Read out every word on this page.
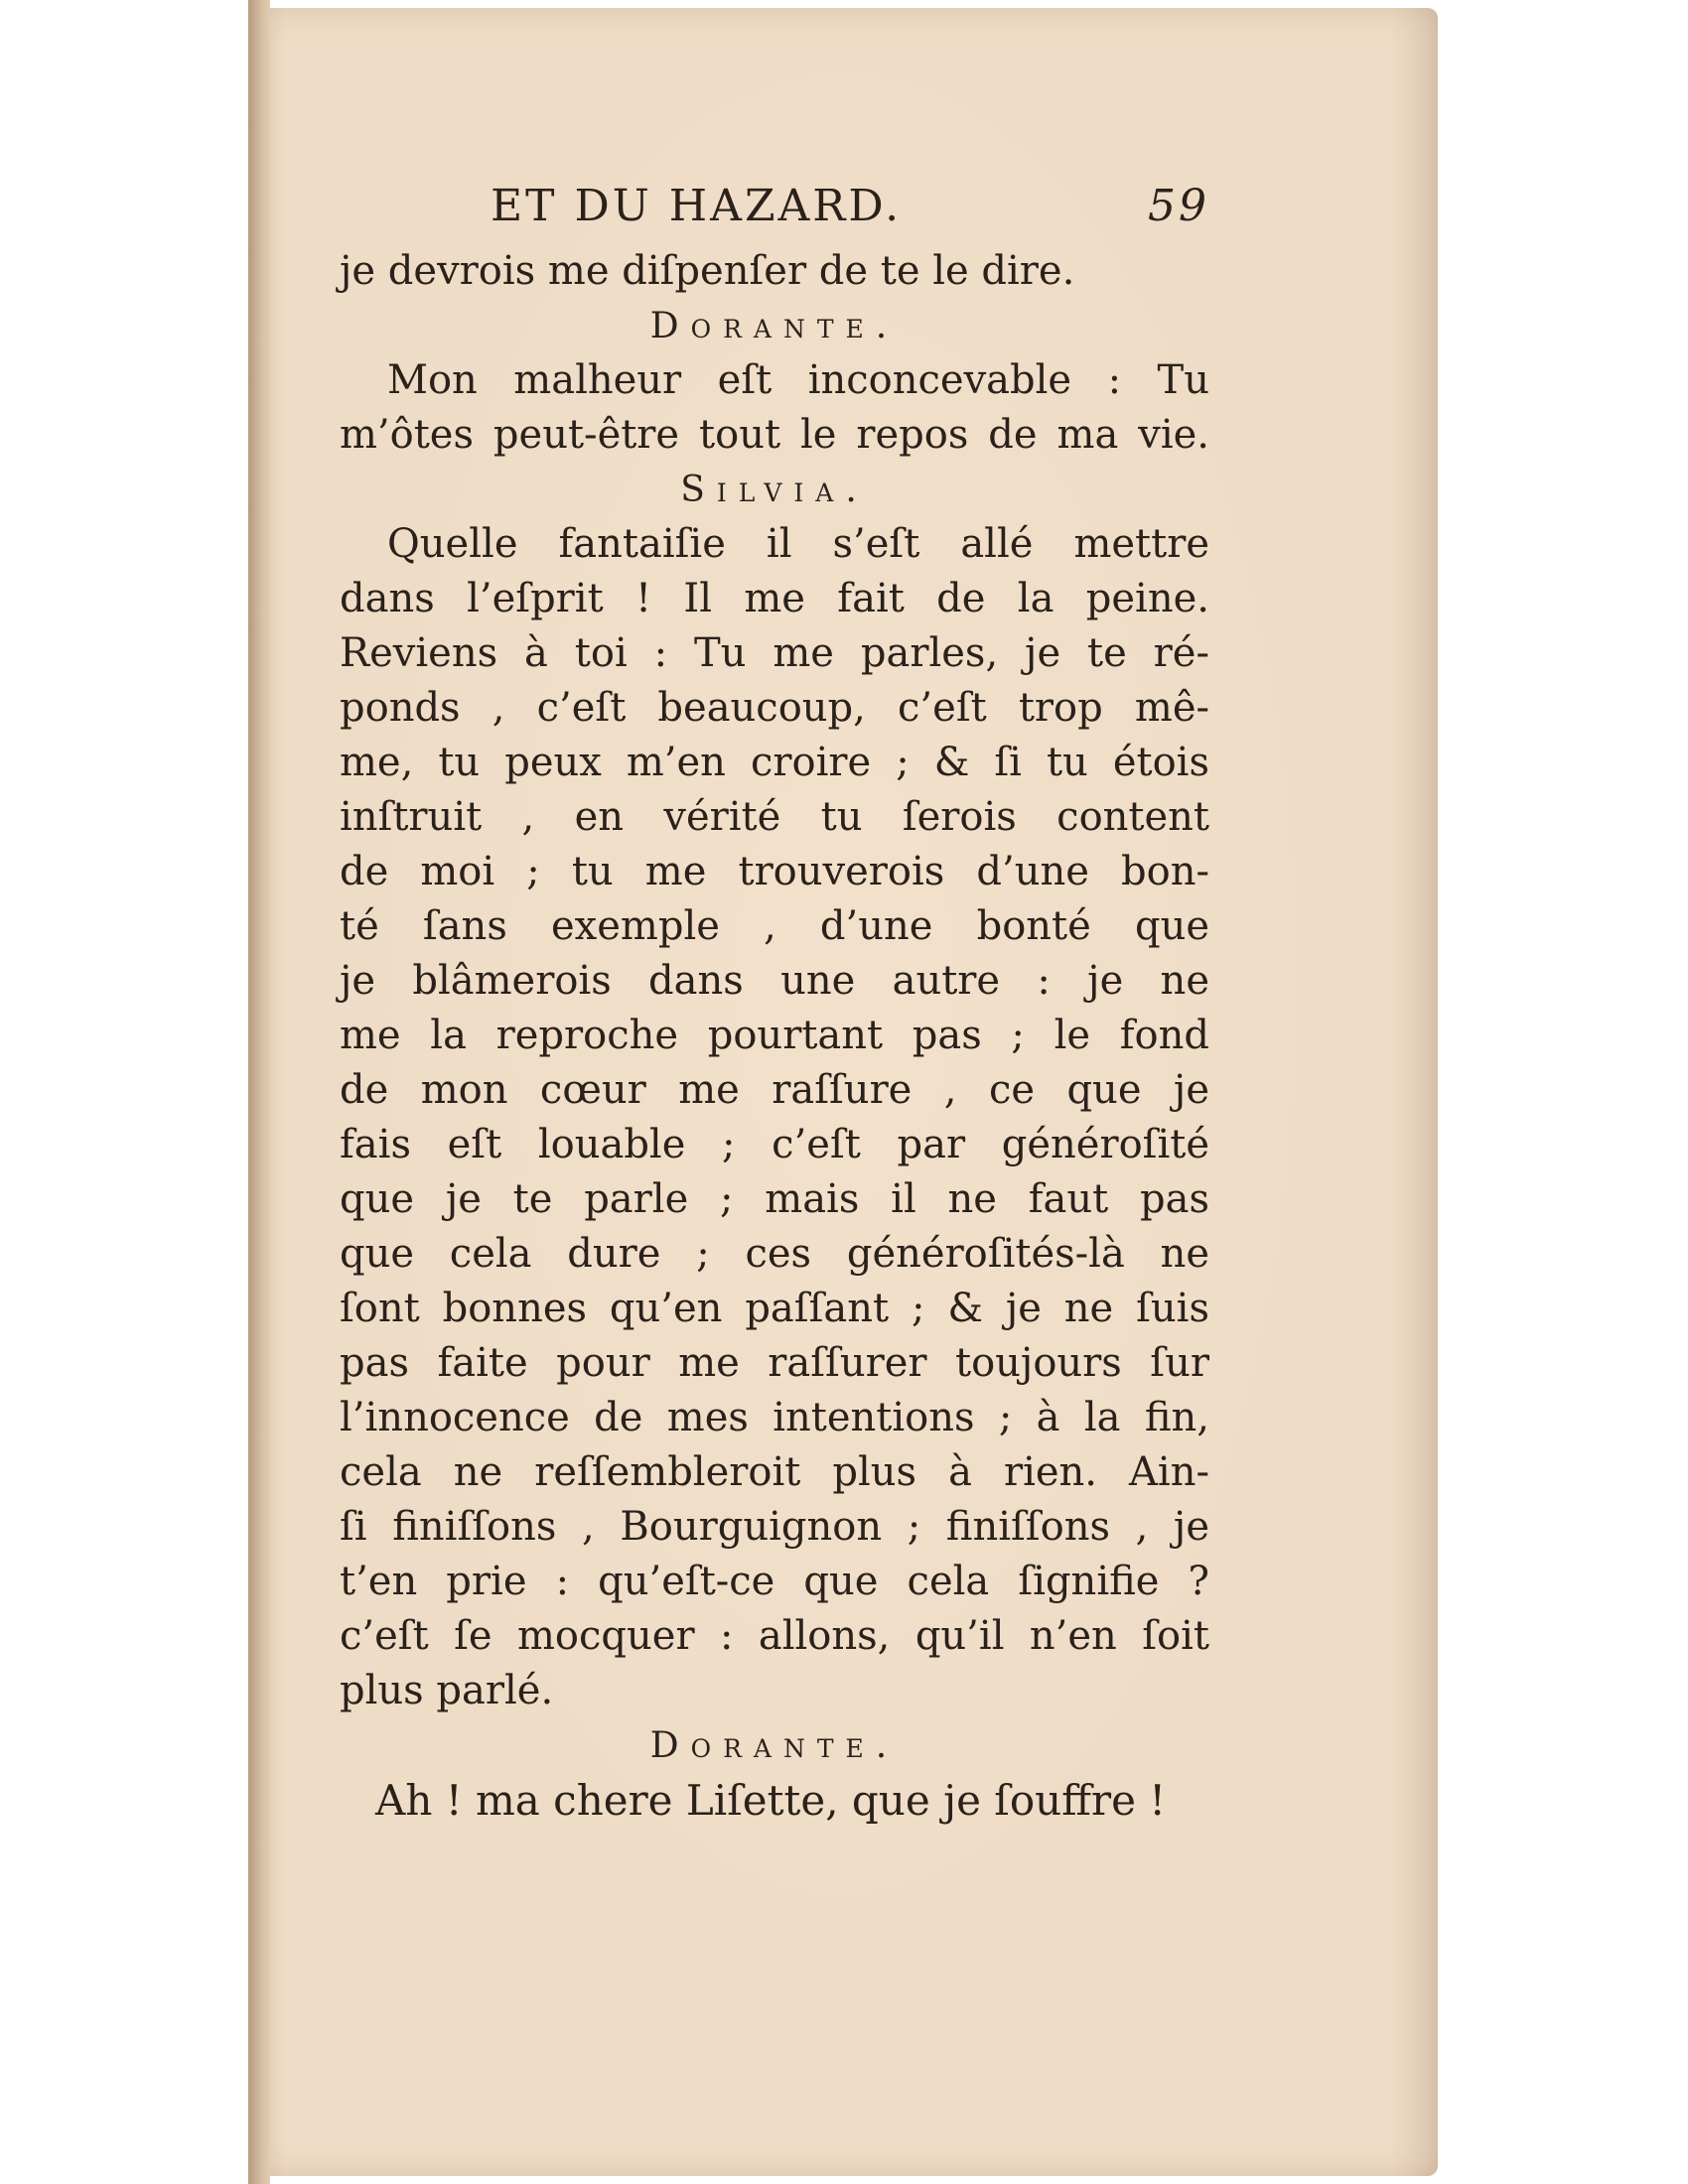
ET DU HAZARD.	59
je devrois me diſpenſer de te le dire.
Dorante.
Mon malheur eſt inconcevable : Tu
m’ôtes peut-être tout le repos de ma vie.
Silvia.
Quelle fantaiſie il s’eſt allé mettre
dans l’eſprit ! Il me fait de la peine.
Reviens à toi : Tu me parles, je te ré-
ponds , c’eſt beaucoup, c’eſt trop mê-
me, tu peux m’en croire ; & ſi tu étois
inſtruit , en vérité tu ſerois content
de moi ; tu me trouverois d’une bon-
té ſans exemple , d’une bonté que
je blâmerois dans une autre : je ne
me la reproche pourtant pas ; le fond
de mon cœur me raſſure , ce que je
fais eſt louable ; c’eſt par généroſité
que je te parle ; mais il ne faut pas
que cela dure ; ces généroſités-là ne
ſont bonnes qu’en paſſant ; & je ne ſuis
pas faite pour me raſſurer toujours ſur
l’innocence de mes intentions ; à la fin,
cela ne reſſembleroit plus à rien. Ain-
ſi finiſſons , Bourguignon ; finiſſons , je
t’en prie : qu’eſt-ce que cela ſignifie ?
c’eſt ſe mocquer : allons, qu’il n’en ſoit
plus parlé.
Dorante.
Ah ! ma chere Liſette, que je ſouffre !
